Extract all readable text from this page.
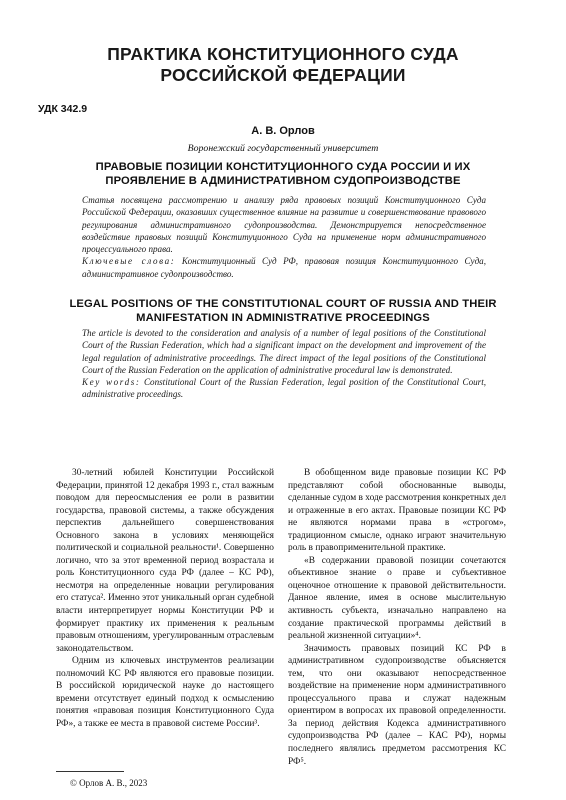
ПРАКТИКА КОНСТИТУЦИОННОГО СУДА РОССИЙСКОЙ ФЕДЕРАЦИИ
УДК 342.9
А. В. Орлов
Воронежский государственный университет
ПРАВОВЫЕ ПОЗИЦИИ КОНСТИТУЦИОННОГО СУДА РОССИИ И ИХ ПРОЯВЛЕНИЕ В АДМИНИСТРАТИВНОМ СУДОПРОИЗВОДСТВЕ

Статья посвящена рассмотрению и анализу ряда правовых позиций Конституционного Суда Российской Федерации, оказавших существенное влияние на развитие и совершенствование правового регулирования административного судопроизводства. Демонстрируется непосредственное воздействие правовых позиций Конституционного Суда на применение норм административного процессуального права.

Ключевые слова: Конституционный Суд РФ, правовая позиция Конституционного Суда, административное судопроизводство.

LEGAL POSITIONS OF THE CONSTITUTIONAL COURT OF RUSSIA AND THEIR MANIFESTATION IN ADMINISTRATIVE PROCEEDINGS

The article is devoted to the consideration and analysis of a number of legal positions of the Constitutional Court of the Russian Federation, which had a significant impact on the development and improvement of the legal regulation of administrative proceedings. The direct impact of the legal positions of the Constitutional Court of the Russian Federation on the application of administrative procedural law is demonstrated.

Key words: Constitutional Court of the Russian Federation, legal position of the Constitutional Court, administrative proceedings.

30-летний юбилей Конституции Российской Федерации, принятой 12 декабря 1993 г., стал важным поводом для переосмысления ее роли в развитии государства, правовой системы, а также обсуждения перспектив дальнейшего совершенствования Основного закона в условиях меняющейся политической и социальной реальности¹. Совершенно логично, что за этот временной период возрастала и роль Конституционного суда РФ (далее – КС РФ), несмотря на определенные новации регулирования его статуса². Именно этот уникальный орган судебной власти интерпретирует нормы Конституции РФ и формирует практику их применения к реальным правовым отношениям, урегулированным отраслевым законодательством.

Одним из ключевых инструментов реализации полномочий КС РФ являются его правовые позиции. В российской юридической науке до настоящего времени отсутствует единый подход к осмыслению понятия «правовая позиция Конституционного Суда РФ», а также ее места в правовой системе России³.

В обобщенном виде правовые позиции КС РФ представляют собой обоснованные выводы, сделанные судом в ходе рассмотрения конкретных дел и отраженные в его актах. Правовые позиции КС РФ не являются нормами права в «строгом», традиционном смысле, однако играют значительную роль в правоприменительной практике.

«В содержании правовой позиции сочетаются объективное знание о праве и субъективное оценочное отношение к правовой действительности. Данное явление, имея в основе мыслительную активность субъекта, изначально направлено на создание практической программы действий в реальной жизненной ситуации»⁴.

Значимость правовых позиций КС РФ в административном судопроизводстве объясняется тем, что они оказывают непосредственное воздействие на применение норм административного процессуального права и служат надежным ориентиром в вопросах их правовой определенности. За период действия Кодекса административного судопроизводства РФ (далее – КАС РФ), нормы последнего являлись предметом рассмотрения КС РФ⁵.

© Орлов А. В., 2023
